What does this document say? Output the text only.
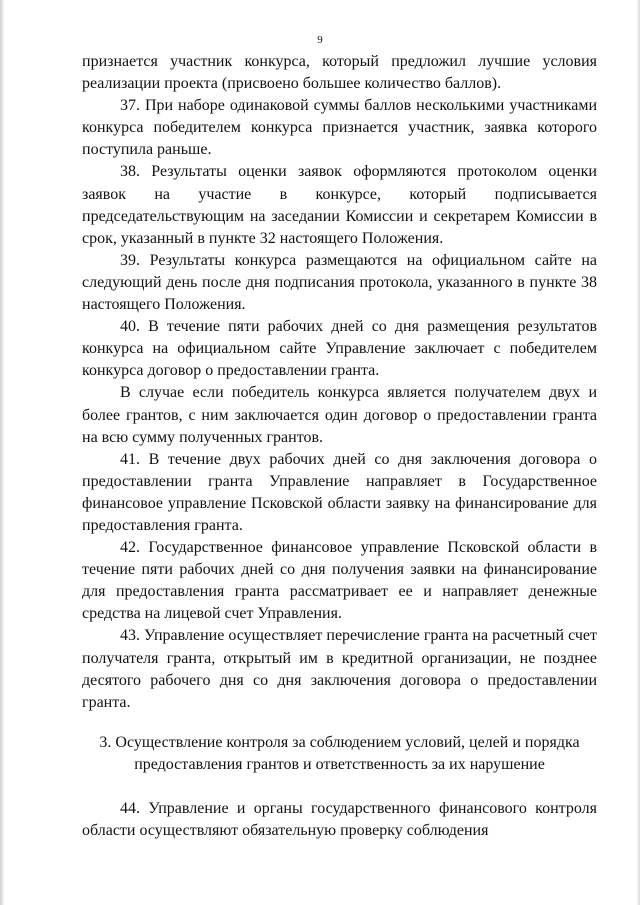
9

признается участник конкурса, который предложил лучшие условия реализации проекта (присвоено большее количество баллов).

37. При наборе одинаковой суммы баллов несколькими участниками конкурса победителем конкурса признается участник, заявка которого поступила раньше.

38. Результаты оценки заявок оформляются протоколом оценки заявок на участие в конкурсе, который подписывается председательствующим на заседании Комиссии и секретарем Комиссии в срок, указанный в пункте 32 настоящего Положения.

39. Результаты конкурса размещаются на официальном сайте на следующий день после дня подписания протокола, указанного в пункте 38 настоящего Положения.

40. В течение пяти рабочих дней со дня размещения результатов конкурса на официальном сайте Управление заключает с победителем конкурса договор о предоставлении гранта.

В случае если победитель конкурса является получателем двух и более грантов, с ним заключается один договор о предоставлении гранта на всю сумму полученных грантов.

41. В течение двух рабочих дней со дня заключения договора о предоставлении гранта Управление направляет в Государственное финансовое управление Псковской области заявку на финансирование для предоставления гранта.

42. Государственное финансовое управление Псковской области в течение пяти рабочих дней со дня получения заявки на финансирование для предоставления гранта рассматривает ее и направляет денежные средства на лицевой счет Управления.

43. Управление осуществляет перечисление гранта на расчетный счет получателя гранта, открытый им в кредитной организации, не позднее десятого рабочего дня со дня заключения договора о предоставлении гранта.

3. Осуществление контроля за соблюдением условий, целей и порядка
предоставления грантов и ответственность за их нарушение

44. Управление и органы государственного финансового контроля области осуществляют обязательную проверку соблюдения
